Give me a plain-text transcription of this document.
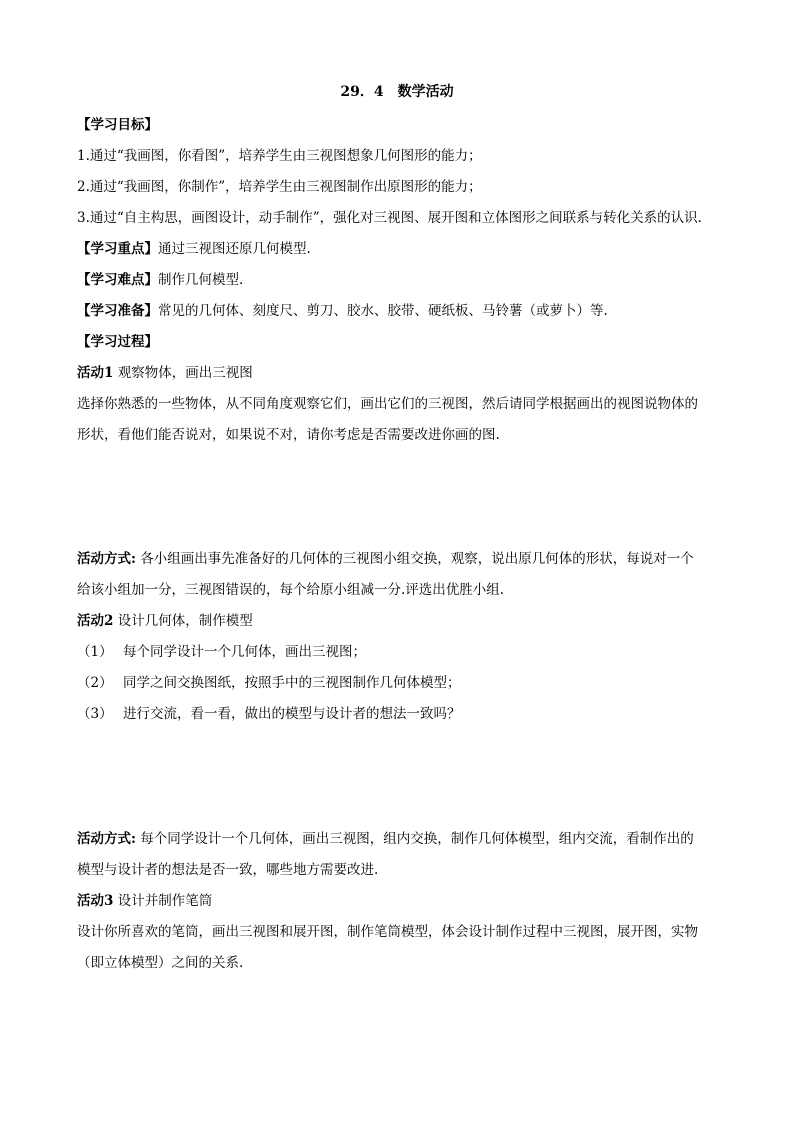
29．4　数学活动
【学习目标】
1.通过“我画图，你看图”，培养学生由三视图想象几何图形的能力；
2.通过“我画图，你制作”，培养学生由三视图制作出原图形的能力；
3.通过“自主构思，画图设计，动手制作”，强化对三视图、展开图和立体图形之间联系与转化关系的认识.
【学习重点】通过三视图还原几何模型.
【学习难点】制作几何模型.
【学习准备】常见的几何体、刻度尺、剪刀、胶水、胶带、硬纸板、马铃薯（或萝卜）等.
【学习过程】
活动1 观察物体，画出三视图
选择你熟悉的一些物体，从不同角度观察它们，画出它们的三视图，然后请同学根据画出的视图说物体的
形状，看他们能否说对，如果说不对，请你考虑是否需要改进你画的图.
活动方式: 各小组画出事先准备好的几何体的三视图小组交换，观察，说出原几何体的形状，每说对一个
给该小组加一分，三视图错误的，每个给原小组减一分.评选出优胜小组.
活动2 设计几何体，制作模型
（1） 每个同学设计一个几何体，画出三视图；
（2） 同学之间交换图纸，按照手中的三视图制作几何体模型；
（3） 进行交流，看一看，做出的模型与设计者的想法一致吗？
活动方式: 每个同学设计一个几何体，画出三视图，组内交换，制作几何体模型，组内交流，看制作出的
模型与设计者的想法是否一致，哪些地方需要改进.
活动3 设计并制作笔筒
设计你所喜欢的笔筒，画出三视图和展开图，制作笔筒模型，体会设计制作过程中三视图，展开图，实物
（即立体模型）之间的关系.
